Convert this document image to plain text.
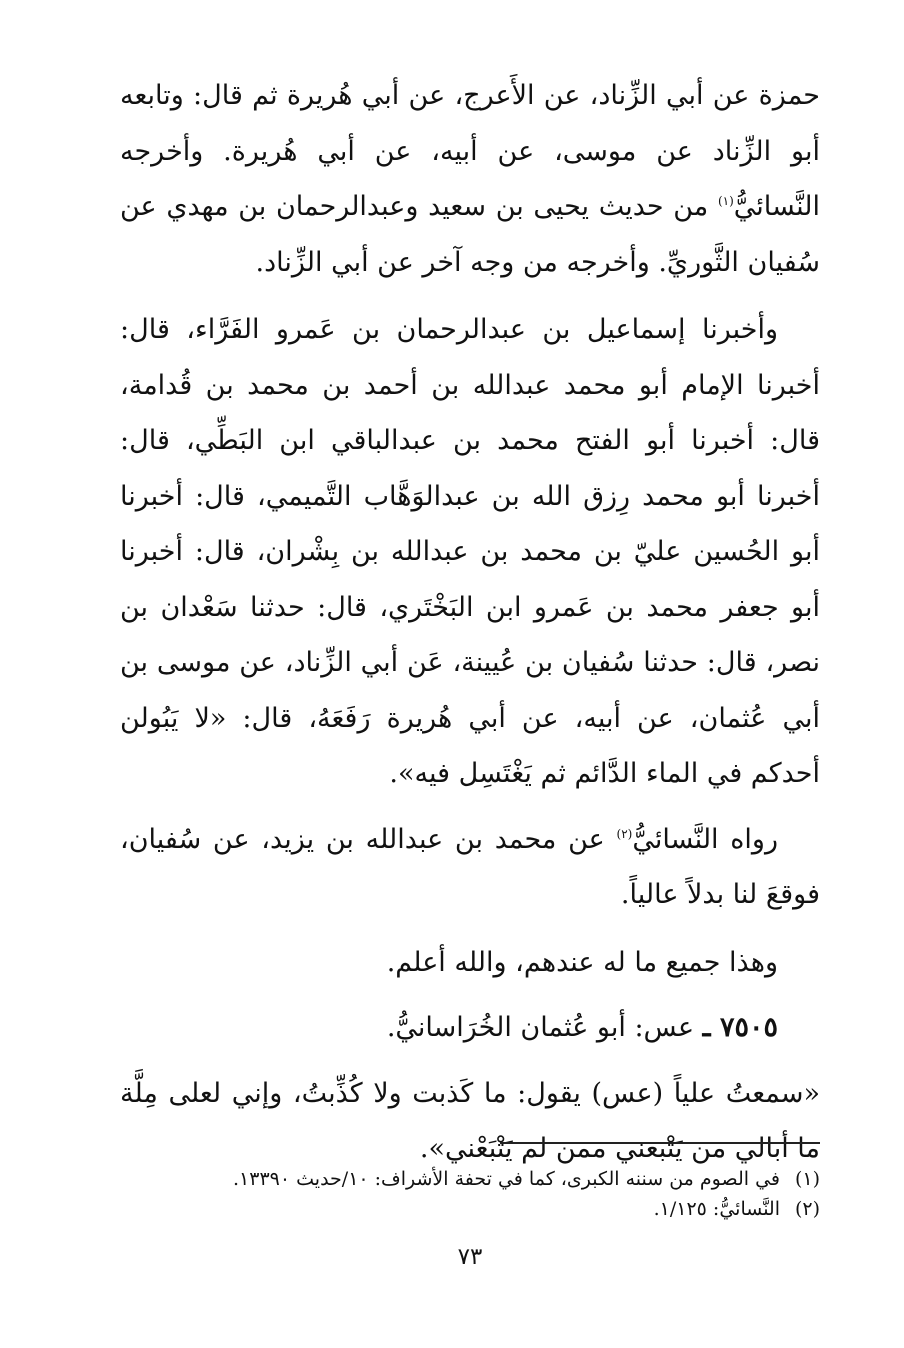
حمزة عن أبي الزِّناد، عن الأَعرج، عن أبي هُريرة ثم قال: وتابعه أبو الزِّناد عن موسى، عن أبيه، عن أبي هُريرة. وأخرجه النَّسائيُّ$^{(١)}$ من حديث يحيى بن سعيد وعبدالرحمان بن مهدي عن سُفيان الثَّوريِّ. وأخرجه من وجه آخر عن أبي الزِّناد.

وأخبرنا إسماعيل بن عبدالرحمان بن عَمرو الفَرَّاء، قال: أخبرنا الإمام أبو محمد عبدالله بن أحمد بن محمد بن قُدامة، قال: أخبرنا أبو الفتح محمد بن عبدالباقي ابن البَطِّي، قال: أخبرنا أبو محمد رِزق الله بن عبدالوَهَّاب التَّميمي، قال: أخبرنا أبو الحُسين عليّ بن محمد بن عبدالله بن بِشْران، قال: أخبرنا أبو جعفر محمد بن عَمرو ابن البَخْتَري، قال: حدثنا سَعْدان بن نصر، قال: حدثنا سُفيان بن عُيينة، عَن أبي الزِّناد، عن موسى بن أبي عُثمان، عن أبيه، عن أبي هُريرة رَفَعَهُ، قال: «لا يَبُولن أحدكم في الماء الدَّائم ثم يَغْتَسِل فيه».

رواه النَّسائيُّ$^{(٢)}$ عن محمد بن عبدالله بن يزيد، عن سُفيان، فوقعَ لنا بدلاً عالياً.

وهذا جميع ما له عندهم، والله أعلم.

٧٥٠٥ ـ عس: أبو عُثمان الخُرَاسانيُّ.

«سمعتُ علياً (عس) يقول: ما كَذبت ولا كُذِّبتُ، وإني لعلى مِلَّة ما أبالي من يَتْبعني ممن لم يَتْبَعْني».

(١)في الصوم من سننه الكبرى، كما في تحفة الأشراف: ١٠/حديث ١٣٣٩٠.

(٢)النَّسائيُّ: ١/١٢٥.

٧٣
